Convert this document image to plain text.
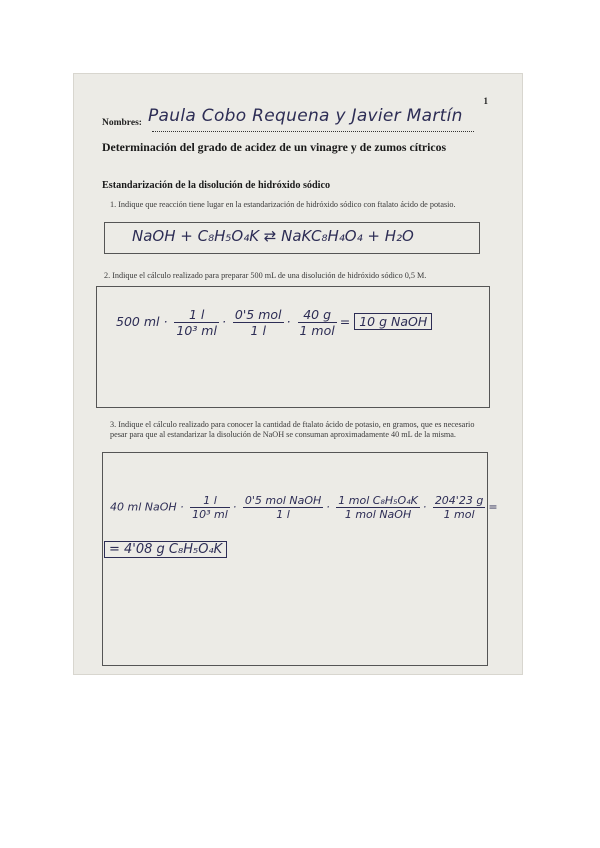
1
Nombres: Paula Cobo Requena y Javier Martín
Determinación del grado de acidez de un vinagre y de zumos cítricos
Estandarización de la disolución de hidróxido sódico
1. Indique que reacción tiene lugar en la estandarización de hidróxido sódico con ftalato ácido de potasio.
NaOH + C₈H₅O₄K ⇄ NaKC₈H₄O₄ + H₂O
2. Indique el cálculo realizado para preparar 500 mL de una disolución de hidróxido sódico 0,5 M.
500 ml · $\frac{1 l}{\text{10³ ml}} \cdot \frac{\text{0'5 mol}}{1 l} \cdot \frac{40 g}{\text{1 mol}} = 10$ g NaOH
3. Indique el cálculo realizado para conocer la cantidad de ftalato ácido de potasio, en gramos, que es necesario pesar para que al estandarizar la disolución de NaOH se consuman aproximadamente 40 mL de la misma.
40 ml NaOH · $\frac{1 l}{\text{10³ ml}} \cdot \frac{\text{0'5 mol NaOH}}{1 l} \cdot \frac{\text{1 mol C₈H₅O₄K}}{\text{1 mol NaOH}} \cdot \frac{204'23 g}{\text{1 mol}}$ =
= 4'08 g C₈H₅O₄K
